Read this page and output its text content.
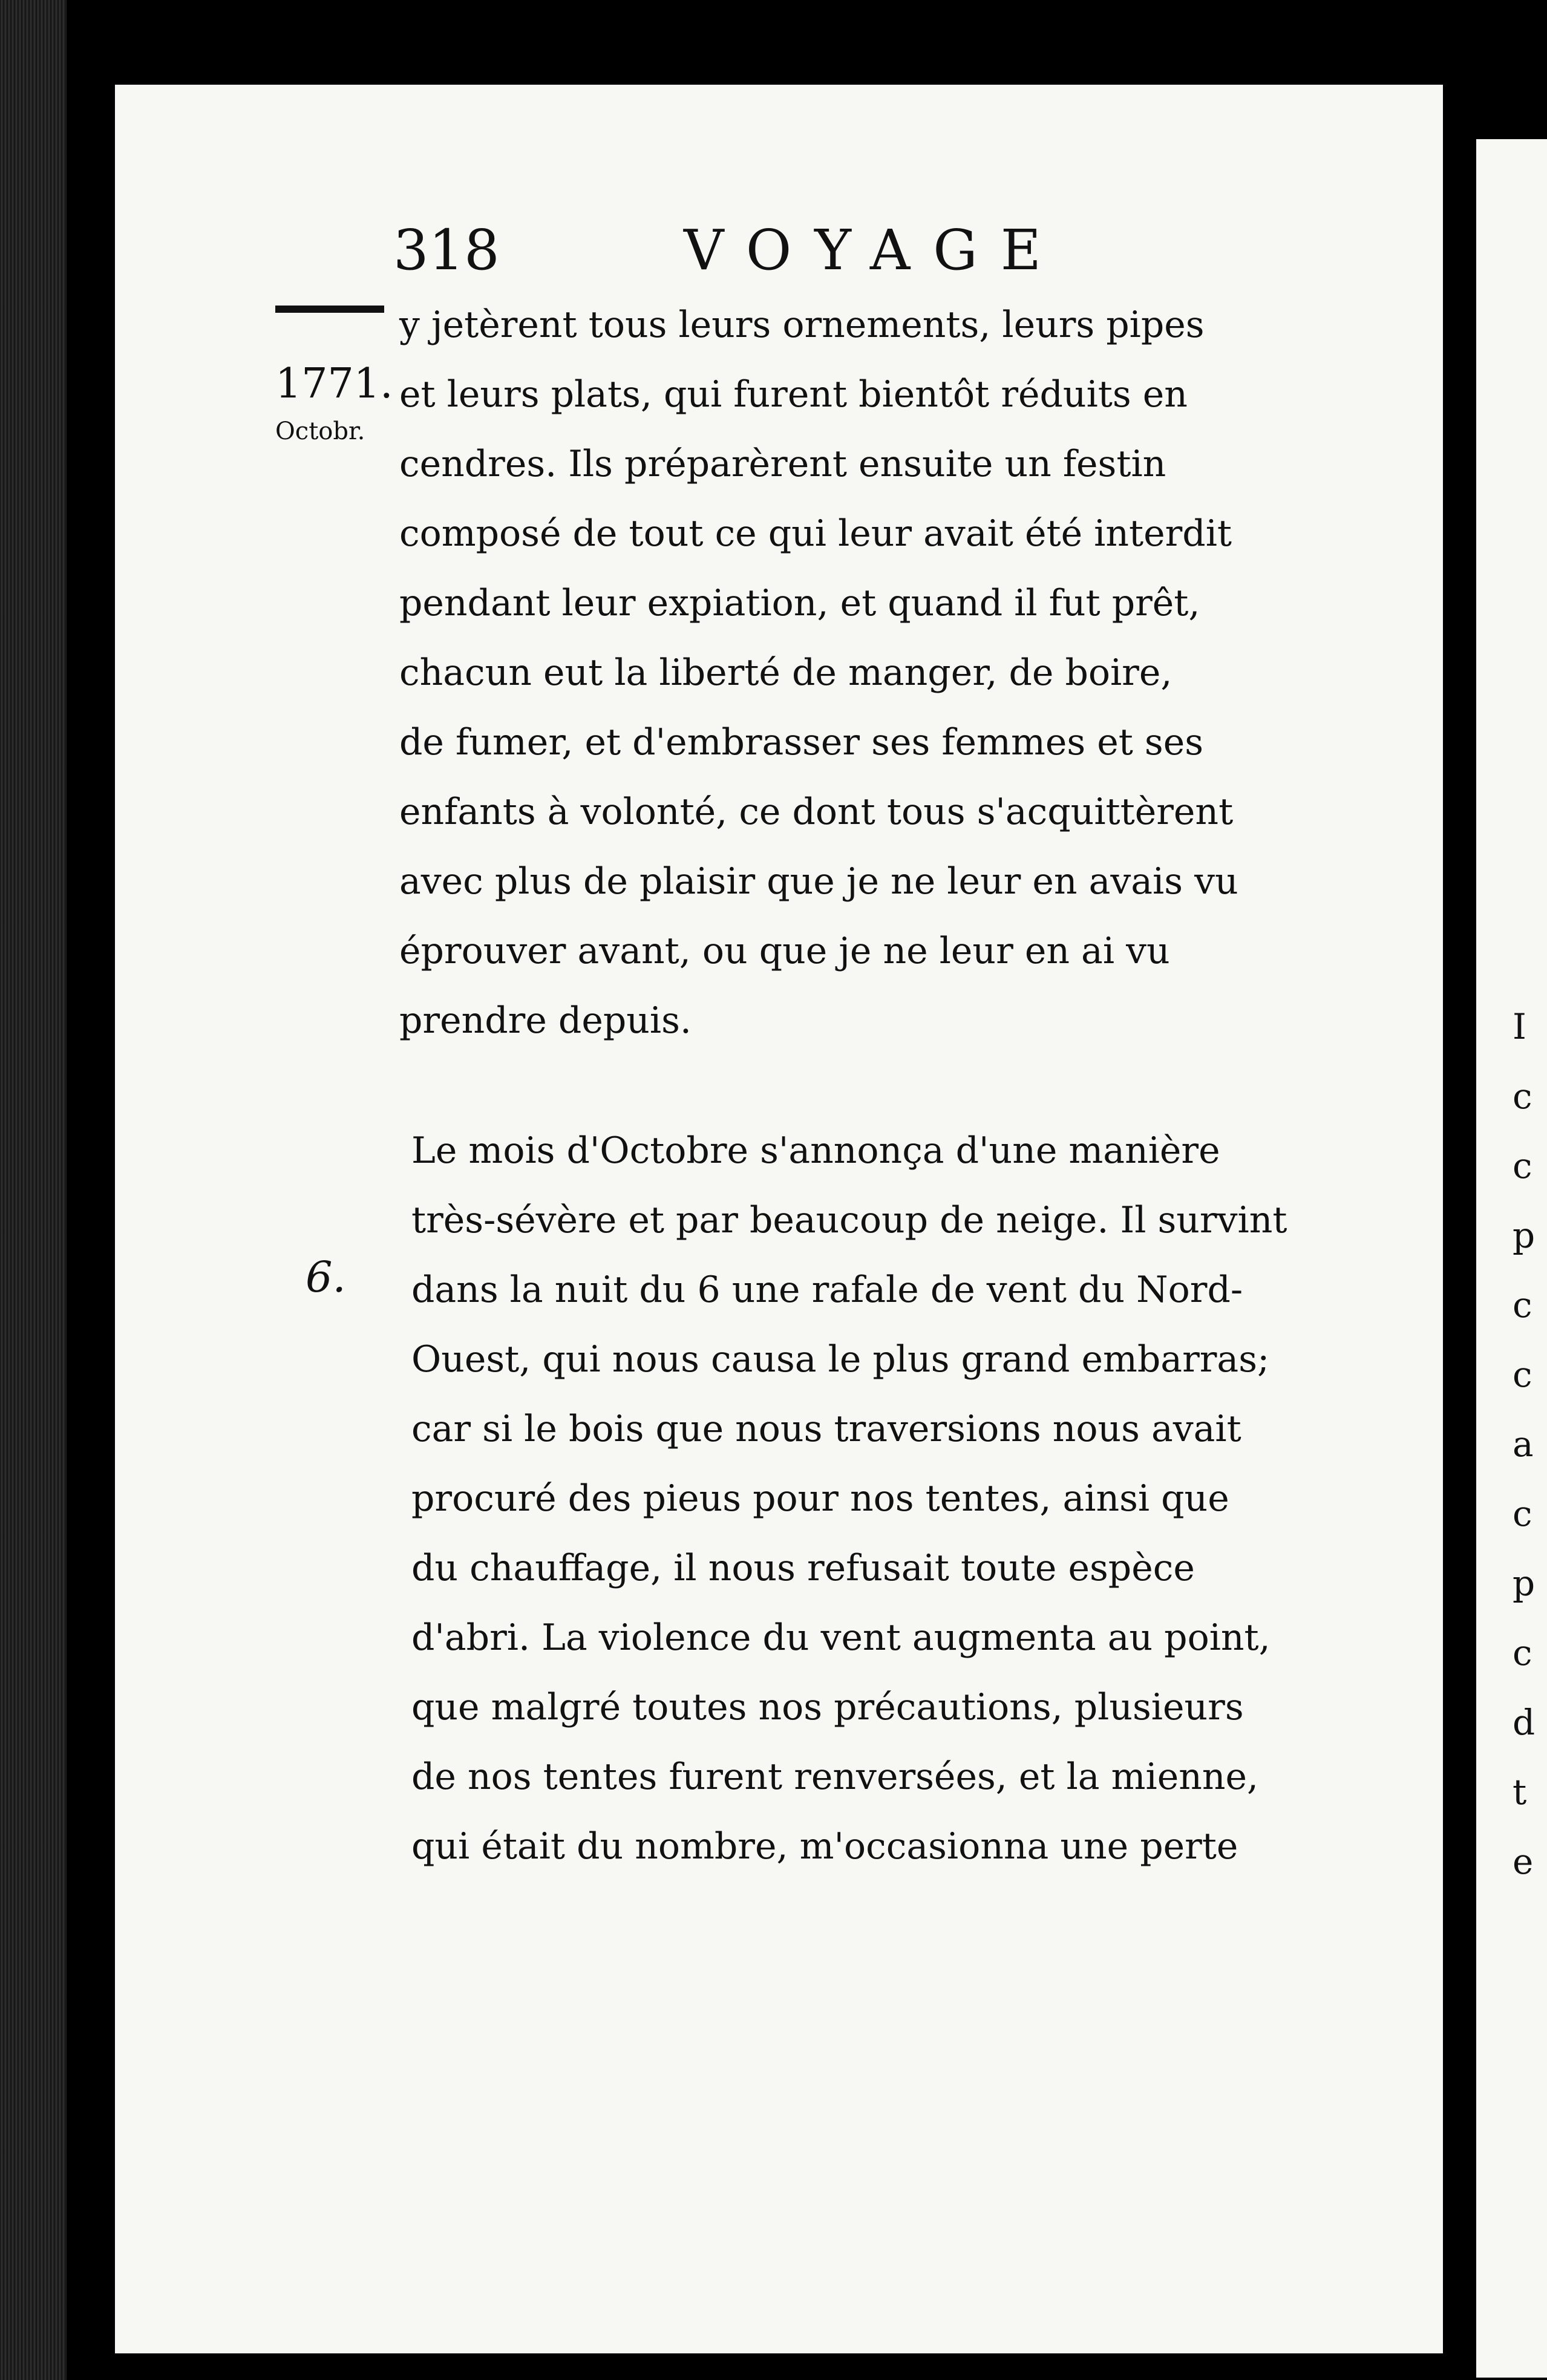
318	VOYAGE
1771.
Octobr.
6.
y jetèrent tous leurs ornements, leurs pipes
et leurs plats, qui furent bientôt réduits en
cendres. Ils préparèrent ensuite un festin
composé de tout ce qui leur avait été interdit
pendant leur expiation, et quand il fut prêt,
chacun eut la liberté de manger, de boire,
de fumer, et d'embrasser ses femmes et ses
enfants à volonté, ce dont tous s'acquittèrent
avec plus de plaisir que je ne leur en avais vu
éprouver avant, ou que je ne leur en ai vu
prendre depuis.
Le mois d'Octobre s'annonça d'une manière
très-sévère et par beaucoup de neige. Il survint
dans la nuit du 6 une rafale de vent du Nord-
Ouest, qui nous causa le plus grand embarras;
car si le bois que nous traversions nous avait
procuré des pieus pour nos tentes, ainsi que
du chauffage, il nous refusait toute espèce
d'abri. La violence du vent augmenta au point,
que malgré toutes nos précautions, plusieurs
de nos tentes furent renversées, et la mienne,
qui était du nombre, m'occasionna une perte
I
c
c
p
c
c
a
c
p
c
d
t
e
